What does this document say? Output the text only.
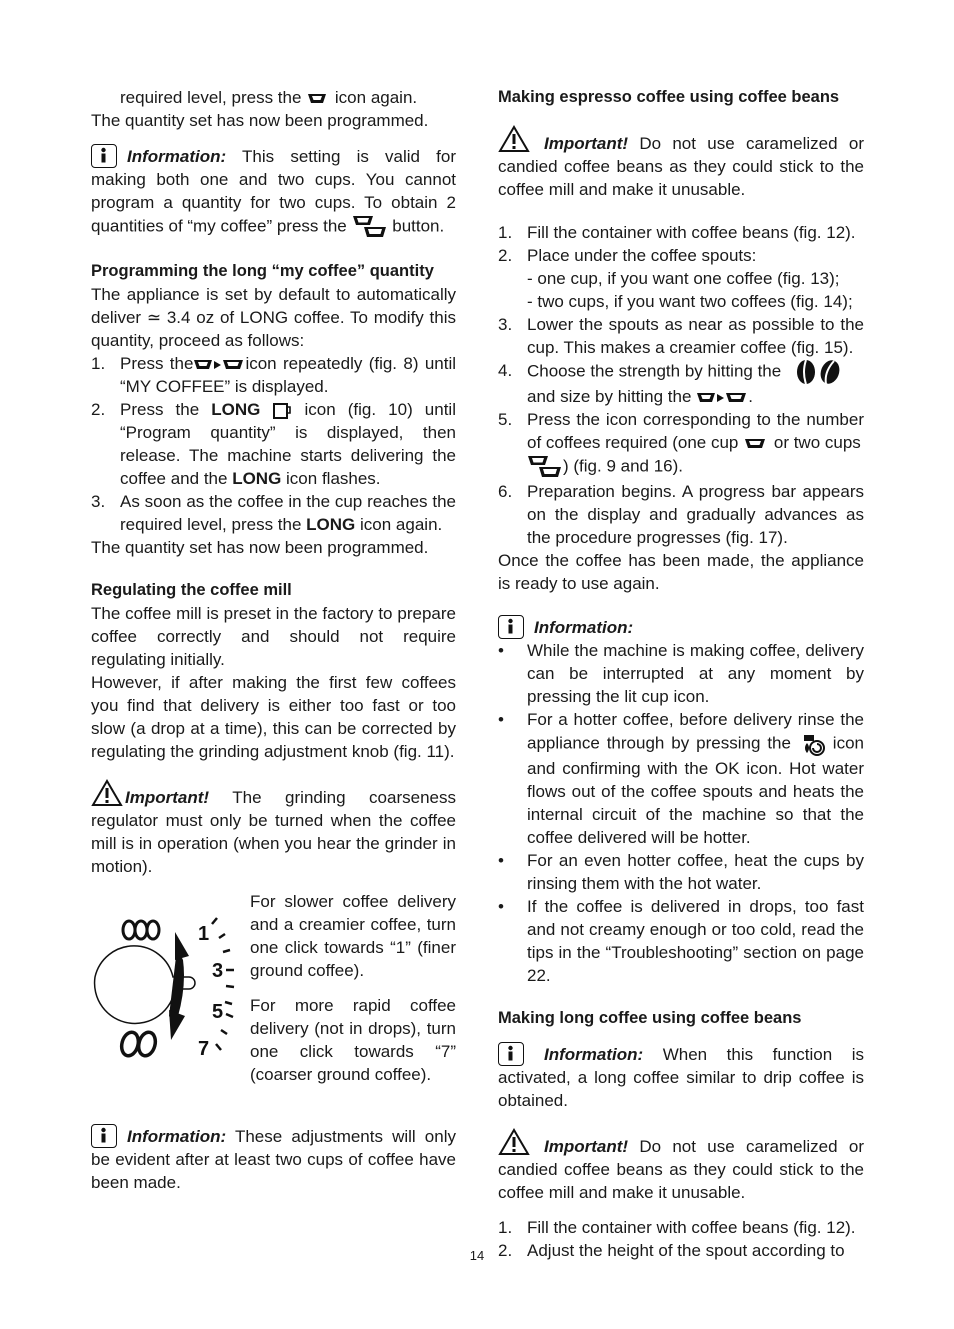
required level, press the icon again.

The quantity set has now been programmed.

Information: This setting is valid for making both one and two cups. You cannot program a quantity for two cups. To obtain 2 quantities of “my coffee” press the	button.

Programming the long “my coffee” quantity

The appliance is set by default to automatically deliver ≃ 3.4 oz of LONG coffee. To modify this quantity, proceed as follows:

1. Press the	icon repeatedly (fig. 8) until “MY COFFEE” is displayed.
2. Press the LONG	icon (fig. 10) until “Program quantity” is displayed, then release. The machine starts delivering the coffee and the LONG icon flashes.
3. As soon as the coffee in the cup reaches the required level, press the LONG icon again.

The quantity set has now been programmed.

Regulating the coffee mill

The coffee mill is preset in the factory to prepare coffee correctly and should not require regulating initially.

However, if after making the first few coffees you find that delivery is either too fast or too slow (a drop at a time), this can be corrected by regulating the grinding adjustment knob (fig. 11).

Important! The grinding coarseness regulator must only be turned when the coffee mill is in operation (when you hear the grinder in motion).

1
3
5
7

For slower coffee delivery and a creamier coffee, turn one click towards “1” (finer ground coffee).

For more rapid coffee delivery (not in drops), turn one click towards “7” (coarser ground coffee).

Information: These adjustments will only be evident after at least two cups of coffee have been made.

Making espresso coffee using coffee beans

Important! Do not use caramelized or candied coffee beans as they could stick to the coffee mill and make it unusable.

1. Fill the container with coffee beans (fig. 12).
2. Place under the coffee spouts:
- one cup, if you want one coffee (fig. 13);
- two cups, if you want two coffees (fig. 14);
3. Lower the spouts as near as possible to the cup. This makes a creamier coffee (fig. 15).
4. Choose the strength by hitting the
and size by hitting the	.
5. Press the icon corresponding to the number of coffees required (one cup or two cups
) (fig. 9 and 16).
6. Preparation begins. A progress bar appears on the display and gradually advances as the procedure progresses (fig. 17).

Once the coffee has been made, the appliance is ready to use again.

Information:

• While the machine is making coffee, delivery can be interrupted at any moment by pressing the lit cup icon.
• For a hotter coffee, before delivery rinse the appliance through by pressing the icon and confirming with the OK icon. Hot water flows out of the coffee spouts and heats the internal circuit of the machine so that the coffee delivered will be hotter.
• For an even hotter coffee, heat the cups by rinsing them with the hot water.
• If the coffee is delivered in drops, too fast and not creamy enough or too cold, read the tips in the “Troubleshooting” section on page 22.

Making long coffee using coffee beans

Information: When this function is activated, a long coffee similar to drip coffee is obtained.

Important! Do not use caramelized or candied coffee beans as they could stick to the coffee mill and make it unusable.

1. Fill the container with coffee beans (fig. 12).
2. Adjust the height of the spout according to
14
